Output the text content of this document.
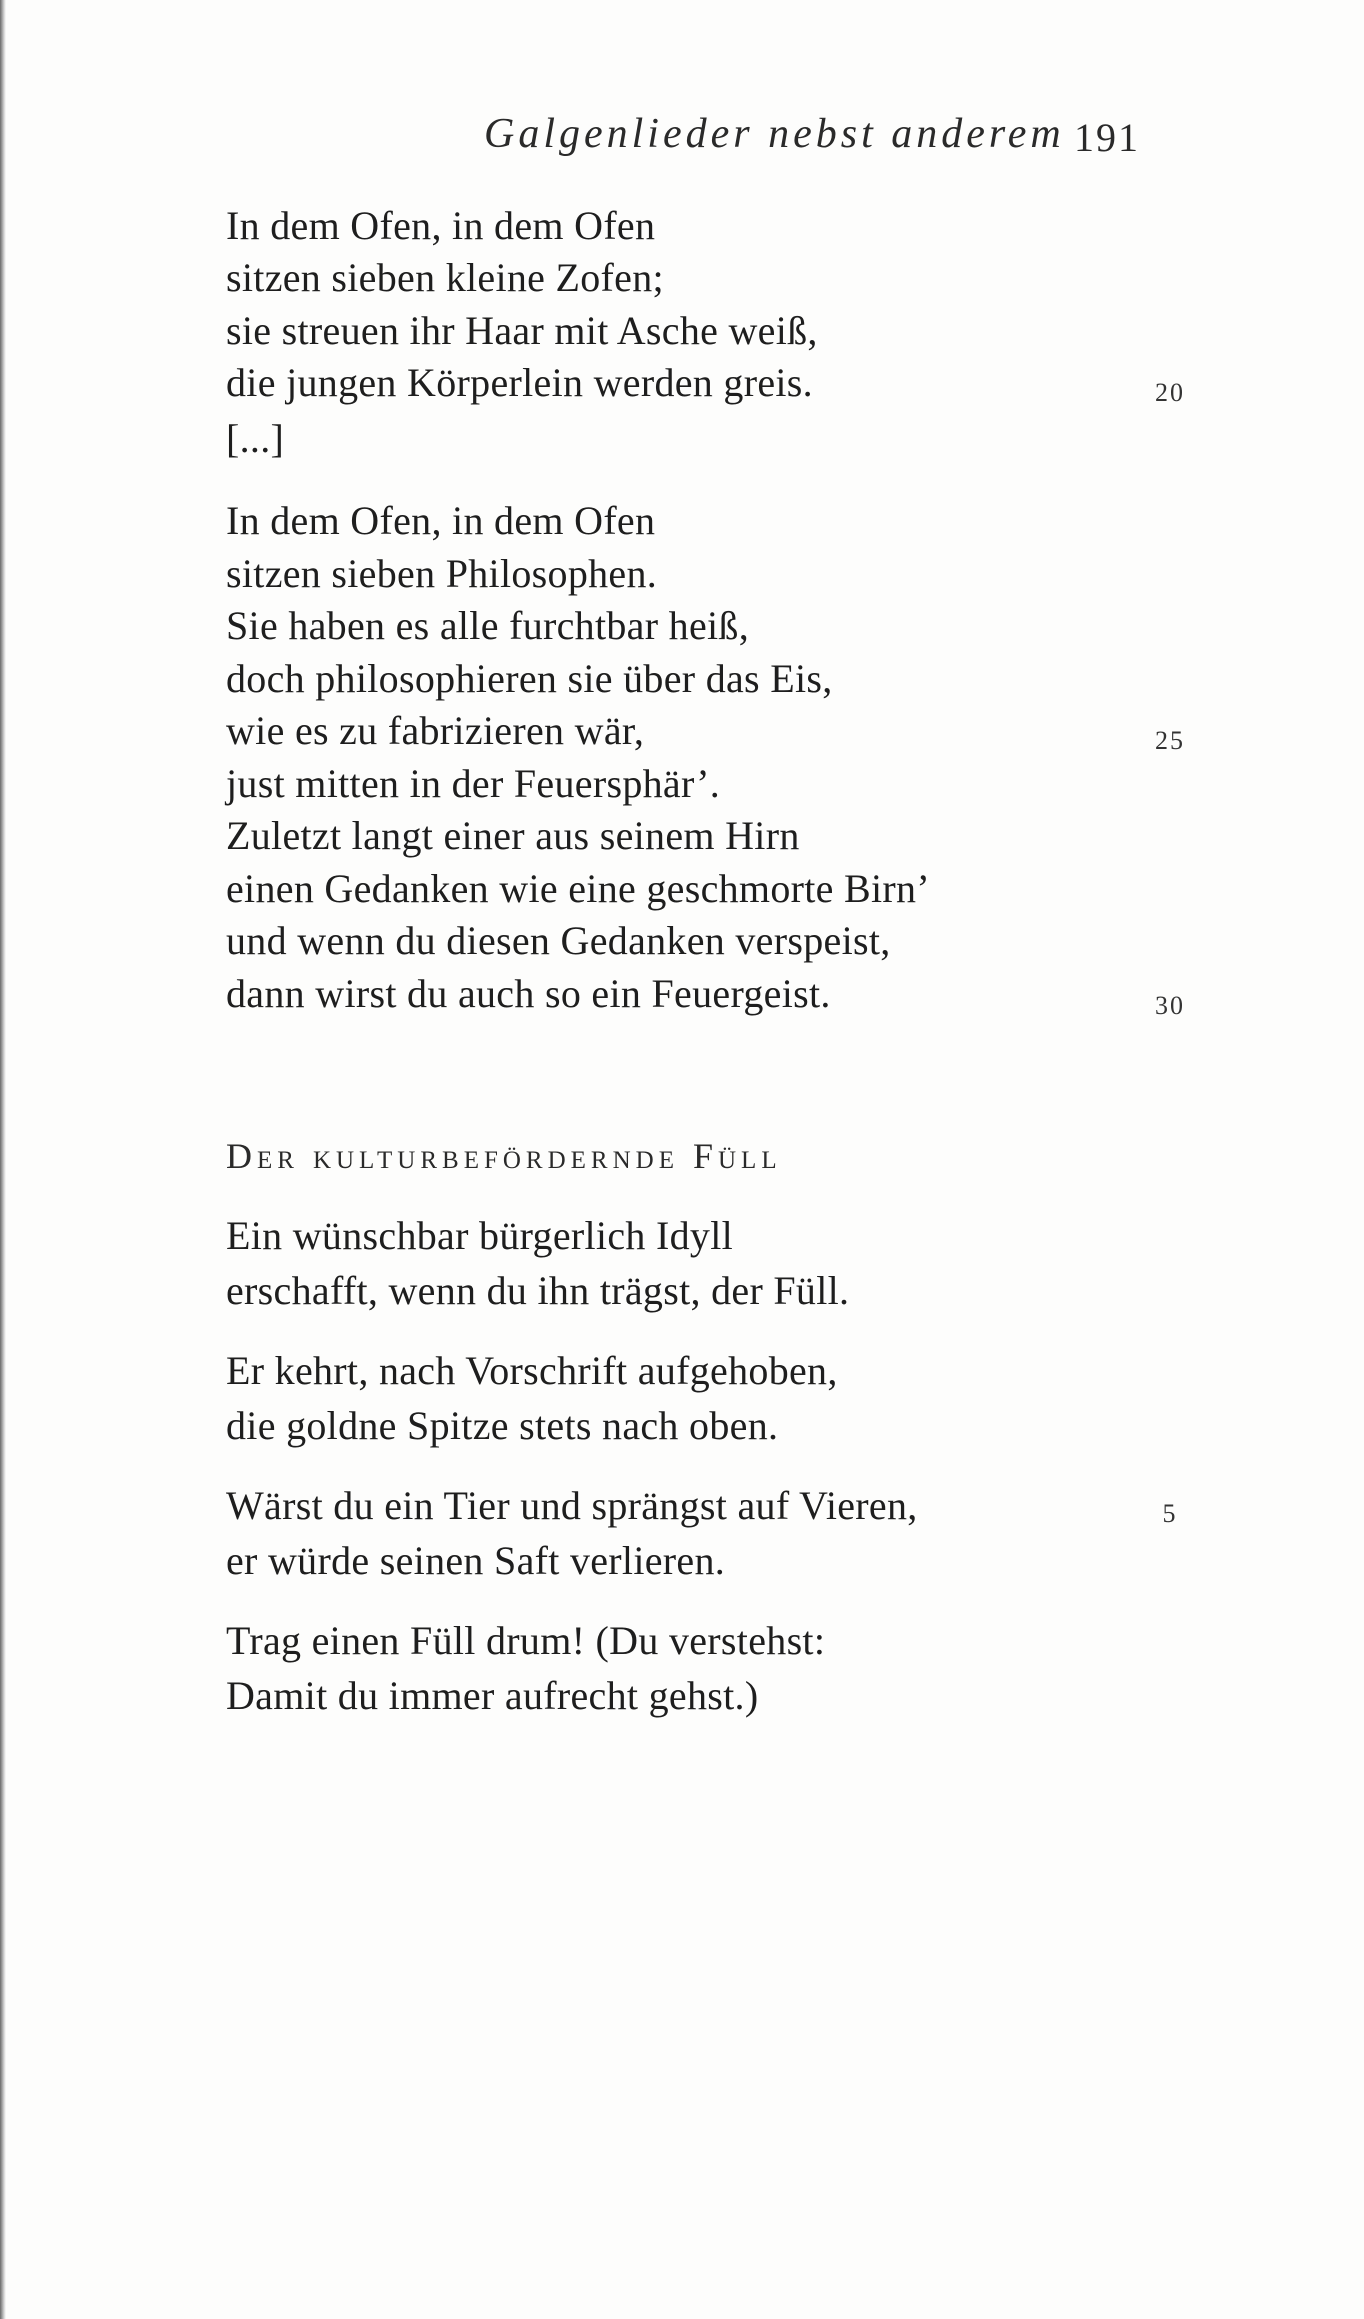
Galgenlieder nebst anderem 191
In dem Ofen, in dem Ofen
sitzen sieben kleine Zofen;
sie streuen ihr Haar mit Asche weiß,
die jungen Körperlein werden greis.
[...]
In dem Ofen, in dem Ofen
sitzen sieben Philosophen.
Sie haben es alle furchtbar heiß,
doch philosophieren sie über das Eis,
wie es zu fabrizieren wär,
just mitten in der Feuersphär’.
Zuletzt langt einer aus seinem Hirn
einen Gedanken wie eine geschmorte Birn’
und wenn du diesen Gedanken verspeist,
dann wirst du auch so ein Feuergeist.
20
25
30
Der kulturbefördernde Füll
Ein wünschbar bürgerlich Idyll
erschafft, wenn du ihn trägst, der Füll.
Er kehrt, nach Vorschrift aufgehoben,
die goldne Spitze stets nach oben.
Wärst du ein Tier und sprängst auf Vieren,
er würde seinen Saft verlieren.
Trag einen Füll drum! (Du verstehst:
Damit du immer aufrecht gehst.)
5
